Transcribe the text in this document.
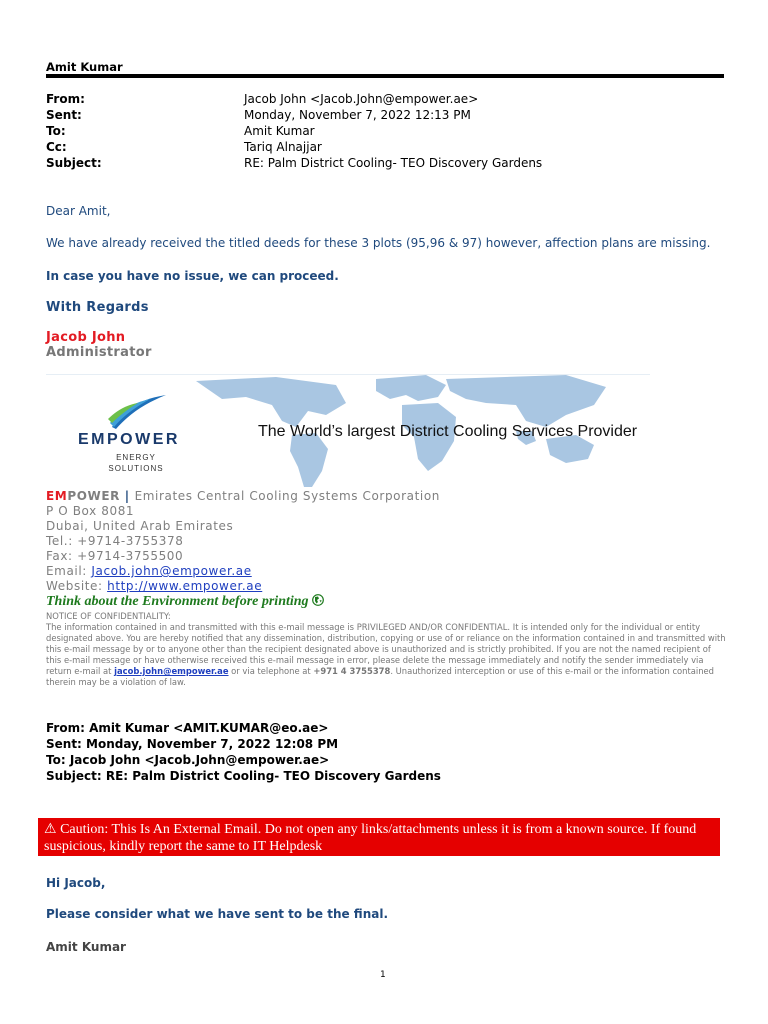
Amit Kumar
From:	Jacob John <Jacob.John@empower.ae>
Sent:	Monday, November 7, 2022 12:13 PM
To:	Amit Kumar
Cc:	Tariq Alnajjar
Subject:	RE: Palm District Cooling- TEO Discovery Gardens
Dear Amit,
We have already received the titled deeds for these 3 plots (95,96 & 97) however, affection plans are missing.
In case you have no issue, we can proceed.
With Regards
Jacob John
Administrator
EMPOWER
ENERGY
SOLUTIONS
The World’s largest District Cooling Services Provider
EMPOWER | Emirates Central Cooling Systems Corporation
P O Box 8081
Dubai, United Arab Emirates
Tel.: +9714-3755378
Fax: +9714-3755500
Email: Jacob.john@empower.ae
Website: http://www.empower.ae
Think about the Environment before printing
NOTICE OF CONFIDENTIALITY:
The information contained in and transmitted with this e-mail message is PRIVILEGED AND/OR CONFIDENTIAL. It is intended only for the individual or entity designated above. You are hereby notified that any dissemination, distribution, copying or use of or reliance on the information contained in and transmitted with this e-mail message by or to anyone other than the recipient designated above is unauthorized and is strictly prohibited. If you are not the named recipient of this e-mail message or have otherwise received this e-mail message in error, please delete the message immediately and notify the sender immediately via return e-mail at jacob.john@empower.ae or via telephone at +971 4 3755378. Unauthorized interception or use of this e-mail or the information contained therein may be a violation of law.
From: Amit Kumar <AMIT.KUMAR@eo.ae>
Sent: Monday, November 7, 2022 12:08 PM
To: Jacob John <Jacob.John@empower.ae>
Subject: RE: Palm District Cooling- TEO Discovery Gardens
⚠ Caution: This Is An External Email. Do not open any links/attachments unless it is from a known source. If found suspicious, kindly report the same to IT Helpdesk
Hi Jacob,
Please consider what we have sent to be the final.
Amit Kumar
1
